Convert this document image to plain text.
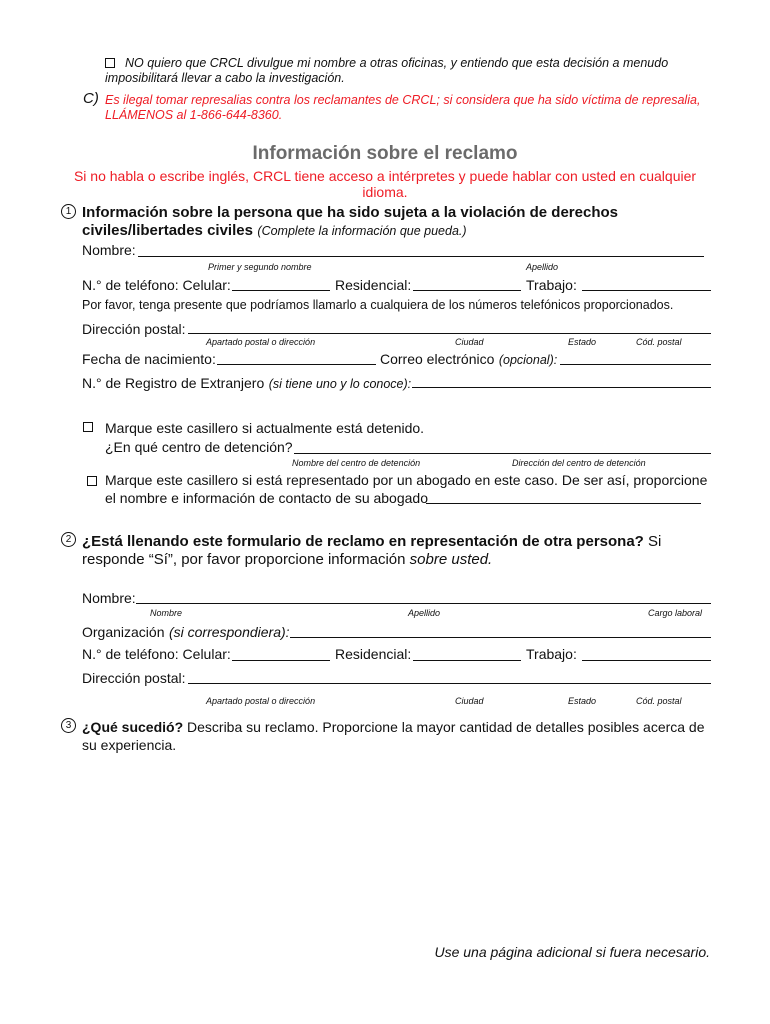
NO quiero que CRCL divulgue mi nombre a otras oficinas, y entiendo que esta decisión a menudo
imposibilitará llevar a cabo la investigación.
C) Es ilegal tomar represalias contra los reclamantes de CRCL; si considera que ha sido víctima de represalia,
LLÁMENOS al 1-866-644-8360.
Información sobre el reclamo
Si no habla o escribe inglés, CRCL tiene acceso a intérpretes y puede hablar con usted en cualquier
idioma.
1 Información sobre la persona que ha sido sujeta a la violación de derechos
civiles/libertades civiles (Complete la información que pueda.)
Nombre:
Primer y segundo nombre	Apellido
N.° de teléfono: Celular:	Residencial:	Trabajo:
Por favor, tenga presente que podríamos llamarlo a cualquiera de los números telefónicos proporcionados.
Dirección postal:
Apartado postal o dirección	Ciudad	Estado	Cód. postal
Fecha de nacimiento:	Correo electrónico (opcional):
N.° de Registro de Extranjero (si tiene uno y lo conoce):
Marque este casillero si actualmente está detenido.
¿En qué centro de detención?
Nombre del centro de detención	Dirección del centro de detención
Marque este casillero si está representado por un abogado en este caso. De ser así, proporcione
el nombre e información de contacto de su abogado
2 ¿Está llenando este formulario de reclamo en representación de otra persona? Si
responde “Sí”, por favor proporcione información sobre usted.
Nombre:
Nombre	Apellido	Cargo laboral
Organización (si correspondiera):
N.° de teléfono: Celular:	Residencial:	Trabajo:
Dirección postal:
Apartado postal o dirección	Ciudad	Estado	Cód. postal
3 ¿Qué sucedió? Describa su reclamo. Proporcione la mayor cantidad de detalles posibles acerca de
su experiencia.
Use una página adicional si fuera necesario.
